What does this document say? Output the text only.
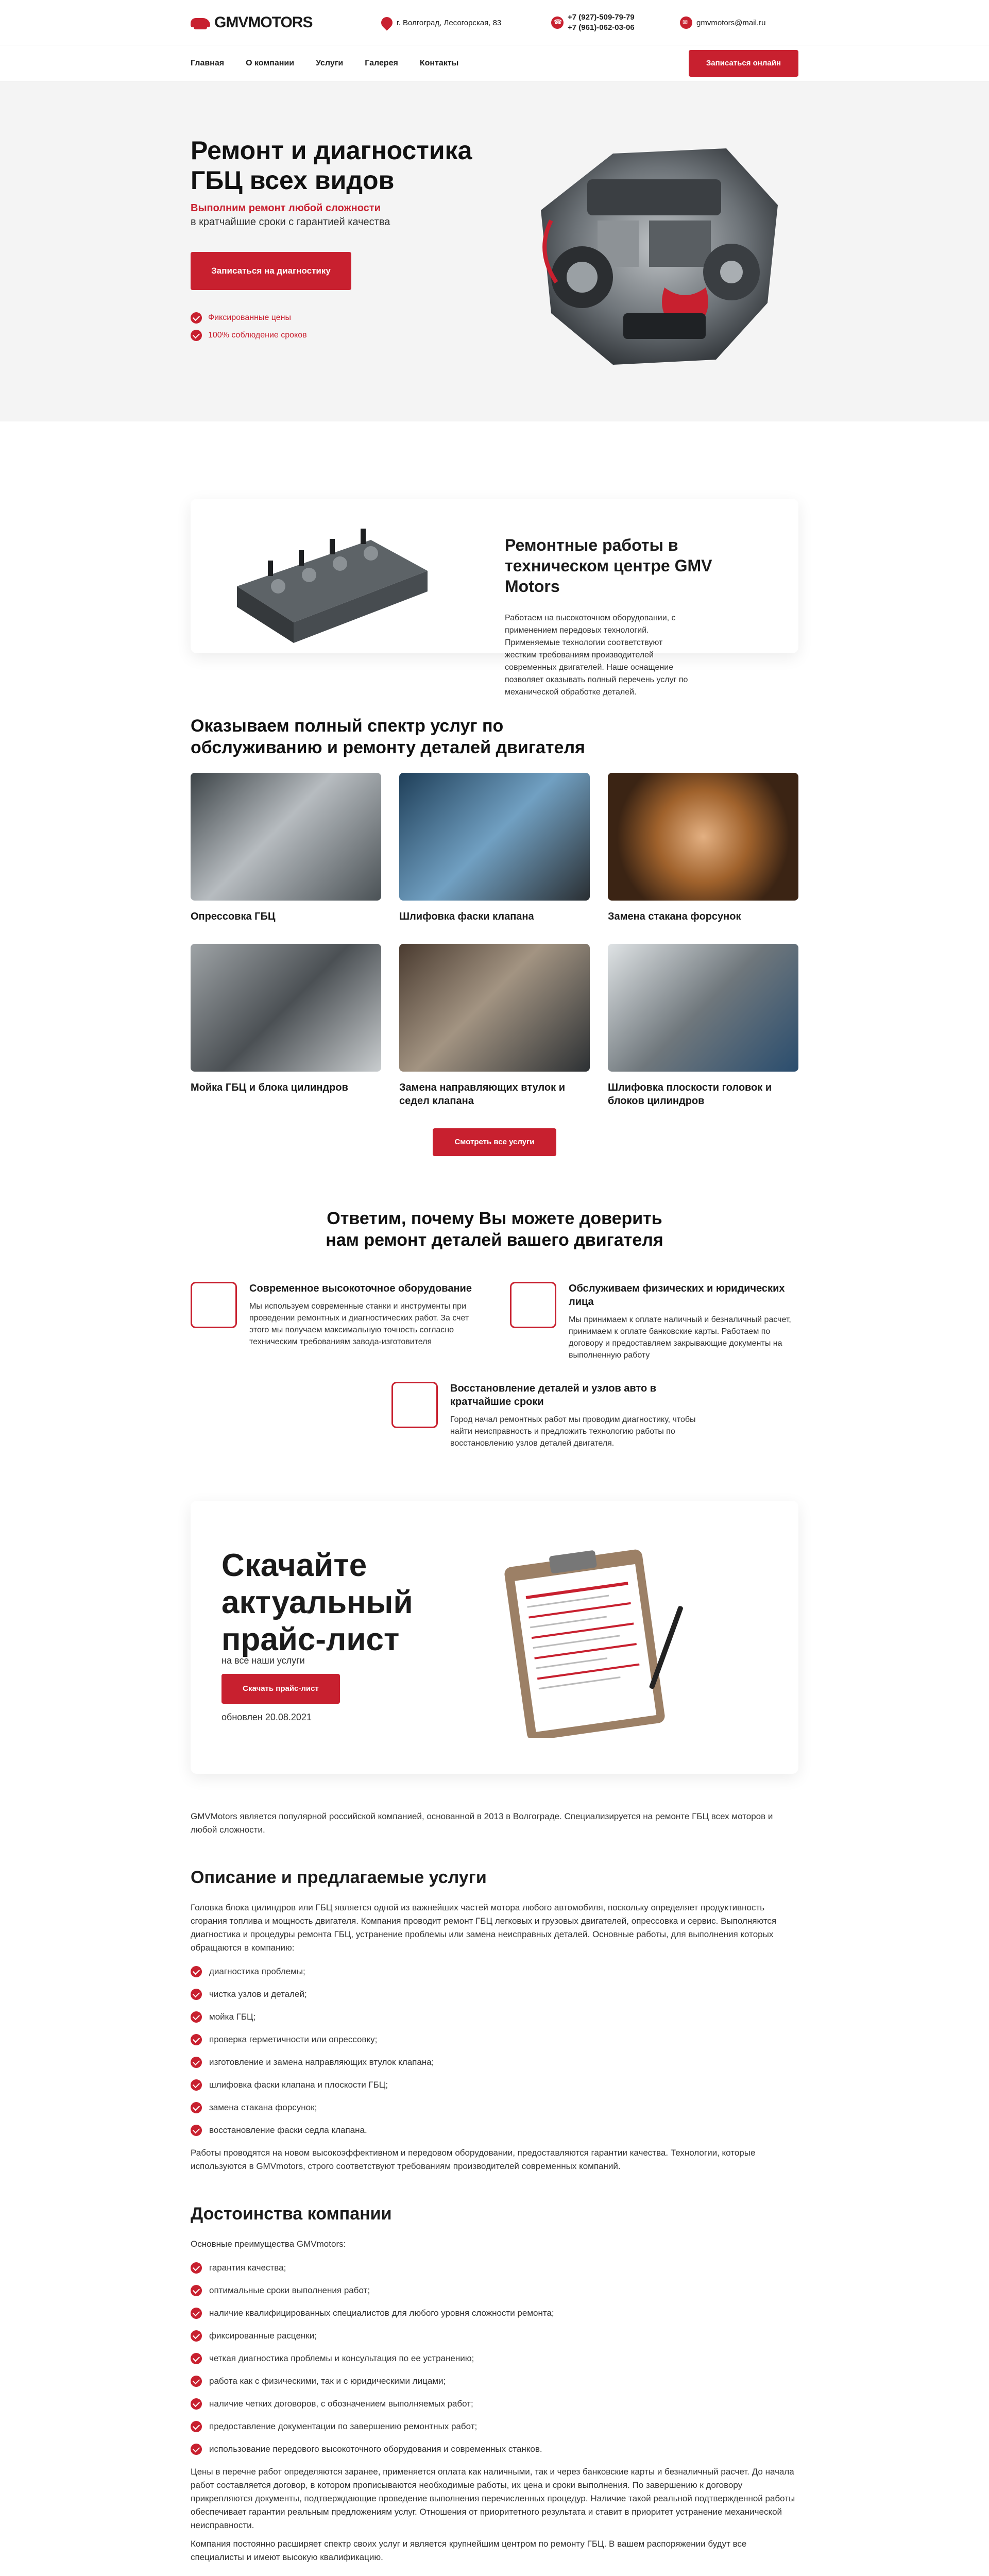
GMVMOTORS	г. Волгоград, Лесогорская, 83
☎
+7 (927)-509-79-79
+7 (961)-062-03-06
✉
gmvmotors@mail.ru
Главная	О компании	Услуги	Галерея	Контакты	Записаться онлайн
Ремонт и диагностика ГБЦ всех видов
Выполним ремонт любой сложности
в кратчайшие сроки с гарантией качества
Записаться на диагностику
Фиксированные цены
100% соблюдение сроков
Ремонтные работы в техническом центре GMV Motors

Работаем на высокоточном оборудовании, с применением передовых технологий. Применяемые технологии соответствуют жестким требованиям производителей современных двигателей. Наше оснащение позволяет оказывать полный перечень услуг по механической обработке деталей.

Оказываем полный спектр услуг по обслуживанию и ремонту деталей двигателя
Опрессовка ГБЦ	Шлифовка фаски клапана	Замена стакана форсунок
Мойка ГБЦ и блока цилиндров	Замена направляющих втулок и седел клапана
Шлифовка плоскости головок и блоков цилиндров
Смотреть все услуги
Ответим, почему Вы можете доверить нам ремонт деталей вашего двигателя
Современное высокоточное оборудование

Мы используем современные станки и инструменты при проведении ремонтных и диагностических работ. За счет этого мы получаем максимальную точность согласно техническим требованиям завода-изготовителя

Обслуживаем физических и юридических лица

Мы принимаем к оплате наличный и безналичный расчет, принимаем к оплате банковские карты. Работаем по договору и предоставляем закрывающие документы на выполненную работу

Восстановление деталей и узлов авто в кратчайшие сроки

Город начал ремонтных работ мы проводим диагностику, чтобы найти неисправность и предложить технологию работы по восстановлению узлов деталей двигателя.

Скачайте актуальный прайс-лист
на все наши услуги
Скачать прайс-лист
обновлен 20.08.2021

GMVMotors является популярной российской компанией, основанной в 2013 в Волгограде. Специализируется на ремонте ГБЦ всех моторов и любой сложности.

Описание и предлагаемые услуги

Головка блока цилиндров или ГБЦ является одной из важнейших частей мотора любого автомобиля, поскольку определяет продуктивность сгорания топлива и мощность двигателя. Компания проводит ремонт ГБЦ легковых и грузовых двигателей, опрессовка и сервис. Выполняются диагностика и процедуры ремонта ГБЦ, устранение проблемы или замена неисправных деталей. Основные работы, для выполнения которых обращаются в компанию:

диагностика проблемы;
чистка узлов и деталей;
мойка ГБЦ;
проверка герметичности или опрессовку;
изготовление и замена направляющих втулок клапана;
шлифовка фаски клапана и плоскости ГБЦ;
замена стакана форсунок;
восстановление фаски седла клапана.

Работы проводятся на новом высокоэффективном и передовом оборудовании, предоставляются гарантии качества. Технологии, которые используются в GMVmotors, строго соответствуют требованиям производителей современных компаний.

Достоинства компании

Основные преимущества GMVmotors:

гарантия качества;
оптимальные сроки выполнения работ;
наличие квалифицированных специалистов для любого уровня сложности ремонта;
фиксированные расценки;
четкая диагностика проблемы и консультация по ее устранению;
работа как с физическими, так и с юридическими лицами;
наличие четких договоров, с обозначением выполняемых работ;
предоставление документации по завершению ремонтных работ;
использование передового высокоточного оборудования и современных станков.

Цены в перечне работ определяются заранее, применяется оплата как наличными, так и через банковские карты и безналичный расчет. До начала работ составляется договор, в котором прописываются необходимые работы, их цена и сроки выполнения. По завершению к договору прикрепляются документы, подтверждающие проведение выполнения перечисленных процедур. Наличие такой реальной подтвержденной работы обеспечивает гарантии реальным предложениям услуг. Отношения от приоритетного результата и ставит в приоритет устранение механической неисправности.

Компания постоянно расширяет спектр своих услуг и является крупнейшим центром по ремонту ГБЦ. В вашем распоряжении будут все специалисты и имеют высокую квалификацию.
